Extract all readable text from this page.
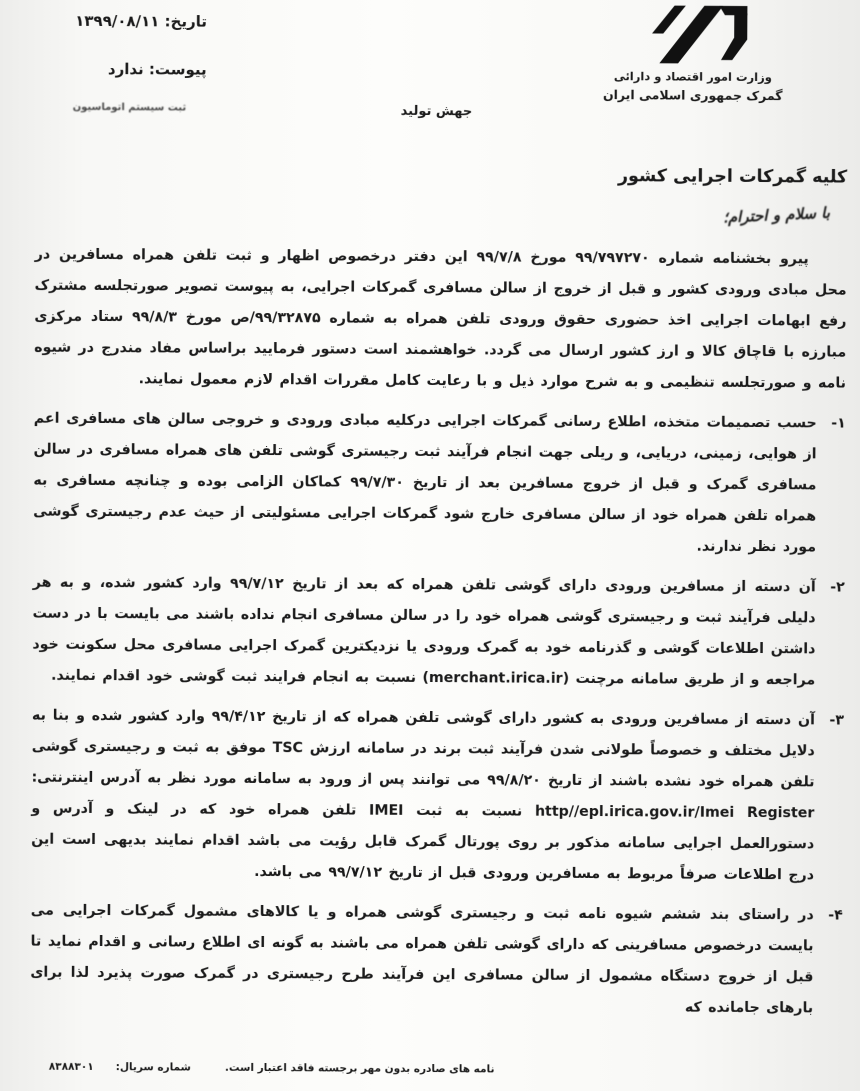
وزارت امور اقتصاد و دارائی
گمرک جمهوری اسلامی ایران
تاریخ: ۱۳۹۹/۰۸/۱۱
پیوست: ندارد
ثبت سیستم اتوماسیون	جهش تولید
کلیه گمرکات اجرایی کشور
با سلام و احترام؛

پیرو بخشنامه شماره ۹۹/۷۹۷۲۷۰ مورخ ۹۹/۷/۸ این دفتر درخصوص اظهار و ثبت تلفن همراه مسافرین در محل مبادی ورودی کشور و قبل از خروج از سالن مسافری گمرکات اجرایی، به پیوست تصویر صورتجلسه مشترک رفع ابهامات اجرایی اخذ حضوری حقوق ورودی تلفن همراه به شماره ۹۹/۳۲۸۷۵/ص مورخ ۹۹/۸/۳ ستاد مرکزی مبارزه با قاچاق کالا و ارز کشور ارسال می گردد. خواهشمند است دستور فرمایید براساس مفاد مندرج در شیوه نامه و صورتجلسه تنظیمی و به شرح موارد ذیل و با رعایت کامل مقررات اقدام لازم معمول نمایند.

۱-

حسب تصمیمات متخذه، اطلاع رسانی گمرکات اجرایی درکلیه مبادی ورودی و خروجی سالن های مسافری اعم از هوایی، زمینی، دریایی، و ریلی جهت انجام فرآیند ثبت رجیستری گوشی تلفن های همراه مسافری در سالن مسافری گمرک و قبل از خروج مسافرین بعد از تاریخ ۹۹/۷/۳۰ کماکان الزامی بوده و چنانچه مسافری به همراه تلفن همراه خود از سالن مسافری خارج شود گمرکات اجرایی مسئولیتی از حیث عدم رجیستری گوشی مورد نظر ندارند.

۲-

آن دسته از مسافرین ورودی دارای گوشی تلفن همراه که بعد از تاریخ ۹۹/۷/۱۲ وارد کشور شده، و به هر دلیلی فرآیند ثبت و رجیستری گوشی همراه خود را در سالن مسافری انجام نداده باشند می بایست با در دست داشتن اطلاعات گوشی و گذرنامه خود به گمرک ورودی یا نزدیکترین گمرک اجرایی مسافری محل سکونت خود مراجعه و از طریق سامانه مرچنت (merchant.irica.ir) نسبت به انجام فرایند ثبت گوشی خود اقدام نمایند.

۳-

آن دسته از مسافرین ورودی به کشور دارای گوشی تلفن همراه که از تاریخ ۹۹/۴/۱۲ وارد کشور شده و بنا به دلایل مختلف و خصوصاً طولانی شدن فرآیند ثبت برند در سامانه ارزش TSC موفق به ثبت و رجیستری گوشی تلفن همراه خود نشده باشند از تاریخ ۹۹/۸/۲۰ می توانند پس از ورود به سامانه مورد نظر به آدرس اینترنتی: http//epl.irica.gov.ir/Imei Register نسبت به ثبت IMEI تلفن همراه خود که در لینک و آدرس و دستورالعمل اجرایی سامانه مذکور بر روی پورتال گمرک قابل رؤیت می باشد اقدام نمایند بدیهی است این درج اطلاعات صرفاً مربوط به مسافرین ورودی قبل از تاریخ ۹۹/۷/۱۲ می باشد.

۴-

در راستای بند ششم شیوه نامه ثبت و رجیستری گوشی همراه و یا کالاهای مشمول گمرکات اجرایی می بایست درخصوص مسافرینی که دارای گوشی تلفن همراه می باشند به گونه ای اطلاع رسانی و اقدام نماید تا قبل از خروج دستگاه مشمول از سالن مسافری این فرآیند طرح رجیستری در گمرک صورت پذیرد لذا برای بارهای جامانده که

نامه های صادره بدون مهر برجسته فاقد اعتبار است.
شماره سریال:
۸۳۸۸۳۰۱
